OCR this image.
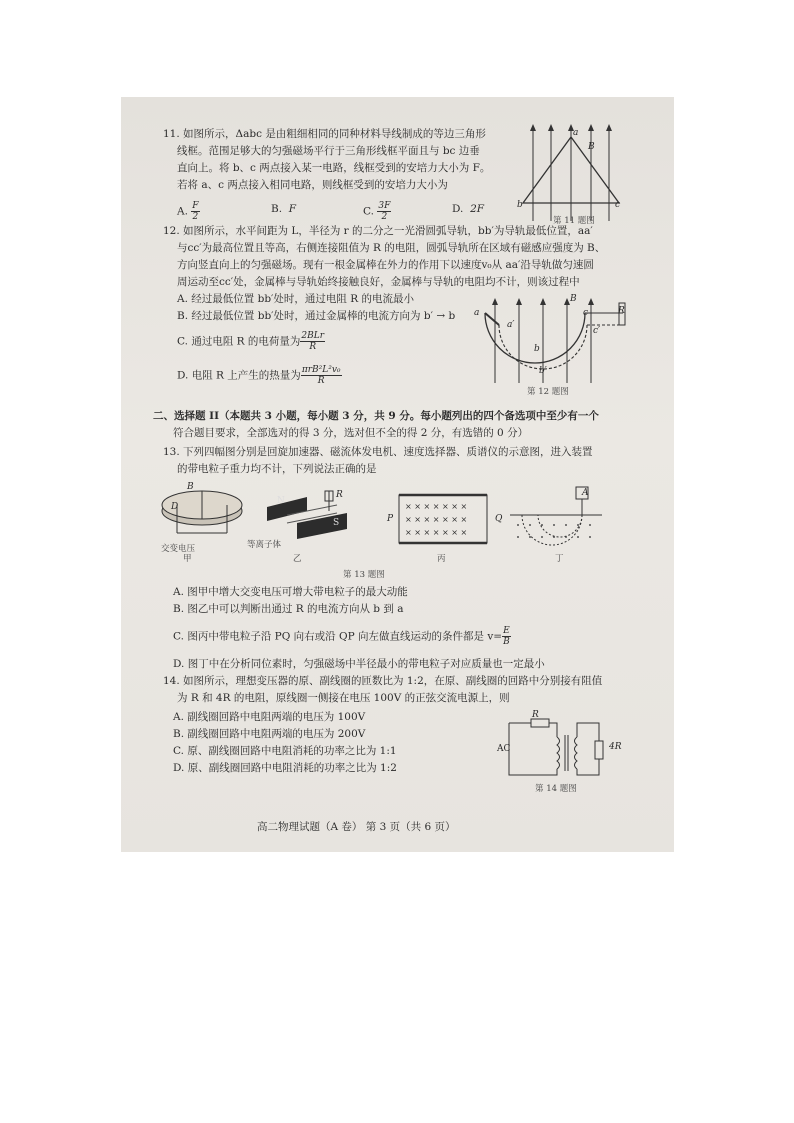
11. 如图所示，Δabc 是由粗细相同的同种材料导线制成的等边三角形
线框。范围足够大的匀强磁场平行于三角形线框平面且与 bc 边垂
直向上。将 b、c 两点接入某一电路，线框受到的安培力大小为 F。
若将 a、c 两点接入相同电路，则线框受到的安培力大小为
A. $\frac{F}{2}$	B. F	C. $\frac{3F}{2}$	D. 2F
a
B
b	c
第 11 题图
12. 如图所示，水平间距为 L，半径为 r 的二分之一光滑圆弧导轨，bb′为导轨最低位置，aa′
与cc′为最高位置且等高，右侧连接阻值为 R 的电阻，圆弧导轨所在区域有磁感应强度为 B、
方向竖直向上的匀强磁场。现有一根金属棒在外力的作用下以速度v₀从 aa′沿导轨做匀速圆
周运动至cc′处，金属棒与导轨始终接触良好，金属棒与导轨的电阻均不计，则该过程中
A. 经过最低位置 bb′处时，通过电阻 R 的电流最小
B. 经过最低位置 bb′处时，通过金属棒的电流方向为 b′ → b
C. 通过电阻 R 的电荷量为 $\frac{\text{2BLr}}{R}$
D. 电阻 R 上产生的热量为 $\frac{\text{πrB²L²v₀}}{R}$
a
a′
b
b′
c
c′
B
R
第 12 题图
二、选择题 II（本题共 3 小题，每小题 3 分，共 9 分。每小题列出的四个备选项中至少有一个
符合题目要求，全部选对的得 3 分，选对但不全的得 2 分，有选错的 0 分）
13. 下列四幅图分别是回旋加速器、磁流体发电机、速度选择器、质谱仪的示意图，进入装置
的带电粒子重力均不计，下列说法正确的是
B
D
交变电压
甲
N
S
R
等离子体
乙
× × × × × × ×
× × × × × × ×
× × × × × × ×
P	Q
丙
A
丁
第 13 题图
A. 图甲中增大交变电压可增大带电粒子的最大动能
B. 图乙中可以判断出通过 R 的电流方向从 b 到 a
C. 图丙中带电粒子沿 PQ 向右或沿 QP 向左做直线运动的条件都是 $v= \frac{E}{B}$
D. 图丁中在分析同位素时，匀强磁场中半径最小的带电粒子对应质量也一定最小
14. 如图所示，理想变压器的原、副线圈的匝数比为 1:2，在原、副线圈的回路中分别接有阻值
为 R 和 4R 的电阻，原线圈一侧接在电压 100V 的正弦交流电源上，则
A. 副线圈回路中电阻两端的电压为 100V
B. 副线圈回路中电阻两端的电压为 200V
C. 原、副线圈回路中电阻消耗的功率之比为 1:1
D. 原、副线圈回路中电阻消耗的功率之比为 1:2
R
AC	4R
第 14 题图
高二物理试题（A 卷） 第 3 页（共 6 页）
